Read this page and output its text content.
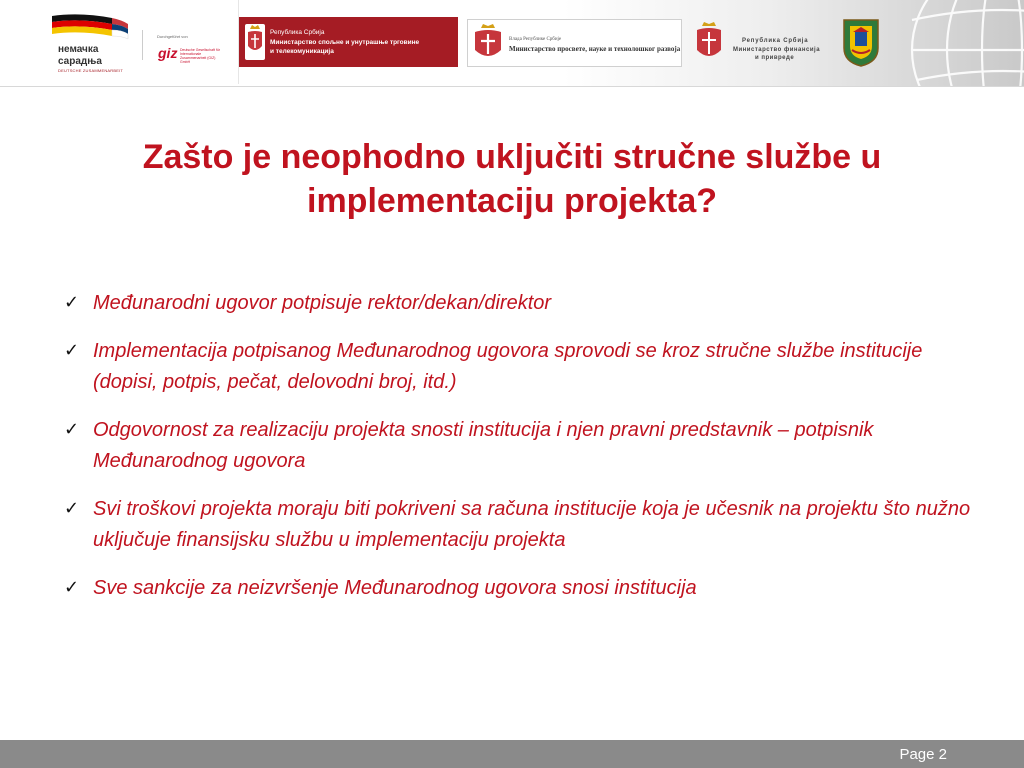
немачка
сарадња
DEUTSCHE ZUSAMMENARBEIT
Durchgeführt von
giz Deutsche Gesellschaft für Internationale Zusammenarbeit (GIZ) GmbH
Република Србија
Министарство спољне и унутрашње трговине
и телекомуникација
Влада Републике Србије
Министарство просвете, науке и технолошког развоја
Република Србија
Министарство финансија
и привреде
Zašto je neophodno uključiti stručne službe u implementaciju projekta?
✓ Međunarodni ugovor potpisuje rektor/dekan/direktor
✓ Implementacija potpisanog Međunarodnog ugovora sprovodi se kroz stručne službe institucije (dopisi, potpis, pečat, delovodni broj, itd.)
✓ Odgovornost za realizaciju projekta snosti institucija i njen pravni predstavnik – potpisnik Međunarodnog ugovora
✓ Svi troškovi projekta moraju biti pokriveni sa računa institucije koja je učesnik na projektu što nužno uključuje finansijsku službu u implementaciju projekta
✓ Sve sankcije za neizvršenje Međunarodnog ugovora snosi institucija
Page 2
